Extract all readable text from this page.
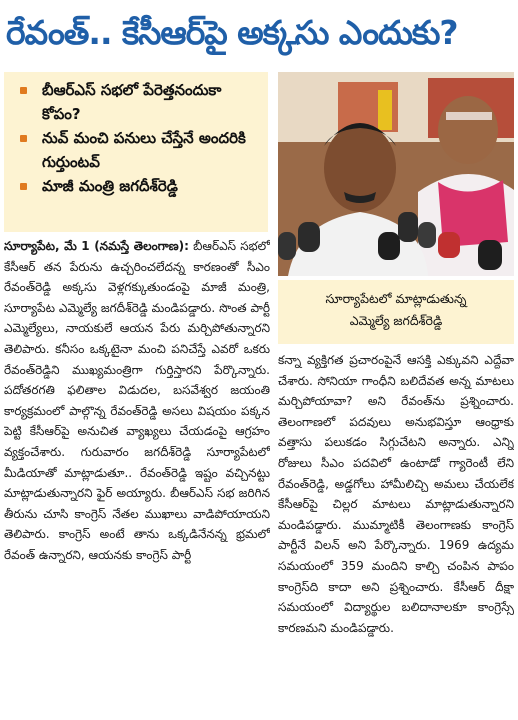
రేవంత్.. కేసీఆర్‌పై అక్కసు ఎందుకు?
బీఆర్‌ఎస్ సభలో పేరెత్తనందుకా కోపం?
నువ్ మంచి పనులు చేస్తేనే అందరికి గుర్తుంటవ్
మాజీ మంత్రి జగదీశ్‌రెడ్డి
సూర్యాపేటలో మాట్లాడుతున్న
ఎమ్మెల్యే జగదీశ్‌రెడ్డి

సూర్యాపేట, మే 1 (నమస్తే తెలంగాణ): బీఆర్‌ఎస్ సభలో కేసీఆర్ తన పేరును ఉచ్చరించలేదన్న కారణంతో సీఎం రేవంత్‌రెడ్డి అక్కసు వెళ్లగక్కుతుండంపై మాజీ మంత్రి, సూర్యాపేట ఎమ్మెల్యే జగదీశ్‌రెడ్డి మండిపడ్డారు. సొంత పార్టీ ఎమ్మెల్యేలు, నాయకులే ఆయన పేరు మర్చిపోతున్నారని తెలిపారు. కనీసం ఒక్కటైనా మంచి పనిచేస్తే ఎవరో ఒకరు రేవంత్‌రెడ్డిని ముఖ్యమంత్రిగా గుర్తిస్తారని పేర్కొన్నారు. పదోతరగతి ఫలితాల విడుదల, బసవేశ్వర జయంతి కార్యక్రమంలో పాల్గొన్న రేవంత్‌రెడ్డి అసలు విషయం పక్కన పెట్టి కేసీఆర్‌పై అనుచిత వ్యాఖ్యలు చేయడంపై ఆగ్రహం వ్యక్తంచేశారు. గురువారం జగదీశ్‌రెడ్డి సూర్యాపేటలో మీడియాతో మాట్లాడుతూ.. రేవంత్‌రెడ్డి ఇష్టం వచ్చినట్టు మాట్లాడుతున్నారని ఫైర్ అయ్యారు. బీఆర్‌ఎస్ సభ జరిగిన తీరును చూసి కాంగ్రెస్ నేతల ముఖాలు వాడిపోయాయని తెలిపారు. కాంగ్రెస్ అంటే తాను ఒక్కడినేనన్న భ్రమలో రేవంత్ ఉన్నారని, ఆయనకు కాంగ్రెస్ పార్టీ

కన్నా వ్యక్తిగత ప్రచారంపైనే ఆసక్తి ఎక్కువని ఎద్దేవా చేశారు. సోనియా గాంధీని బలిదేవత అన్న మాటలు మర్చిపోయావా? అని రేవంత్‌ను ప్రశ్నించారు. తెలంగాణలో పదవులు అనుభవిస్తూ ఆంధ్రాకు వత్తాసు పలుకడం సిగ్గుచేటని అన్నారు. ఎన్ని రోజులు సీఎం పదవిలో ఉంటాడో గ్యారెంటీ లేని రేవంత్‌రెడ్డి, అడ్డగోలు హామీలిచ్చి అమలు చేయలేక కేసీఆర్‌పై చిల్లర మాటలు మాట్లాడుతున్నారని మండిపడ్డారు. ముమ్మాటికీ తెలంగాణకు కాంగ్రెస్ పార్టీనే విలన్ అని పేర్కొన్నారు. 1969 ఉద్యమ సమయంలో 359 మందిని కాల్చి చంపిన పాపం కాంగ్రెస్‌ది కాదా అని ప్రశ్నించారు. కేసీఆర్ దీక్షా సమయంలో విద్యార్థుల బలిదానాలకూ కాంగ్రెస్సే కారణమని మండిపడ్డారు.
